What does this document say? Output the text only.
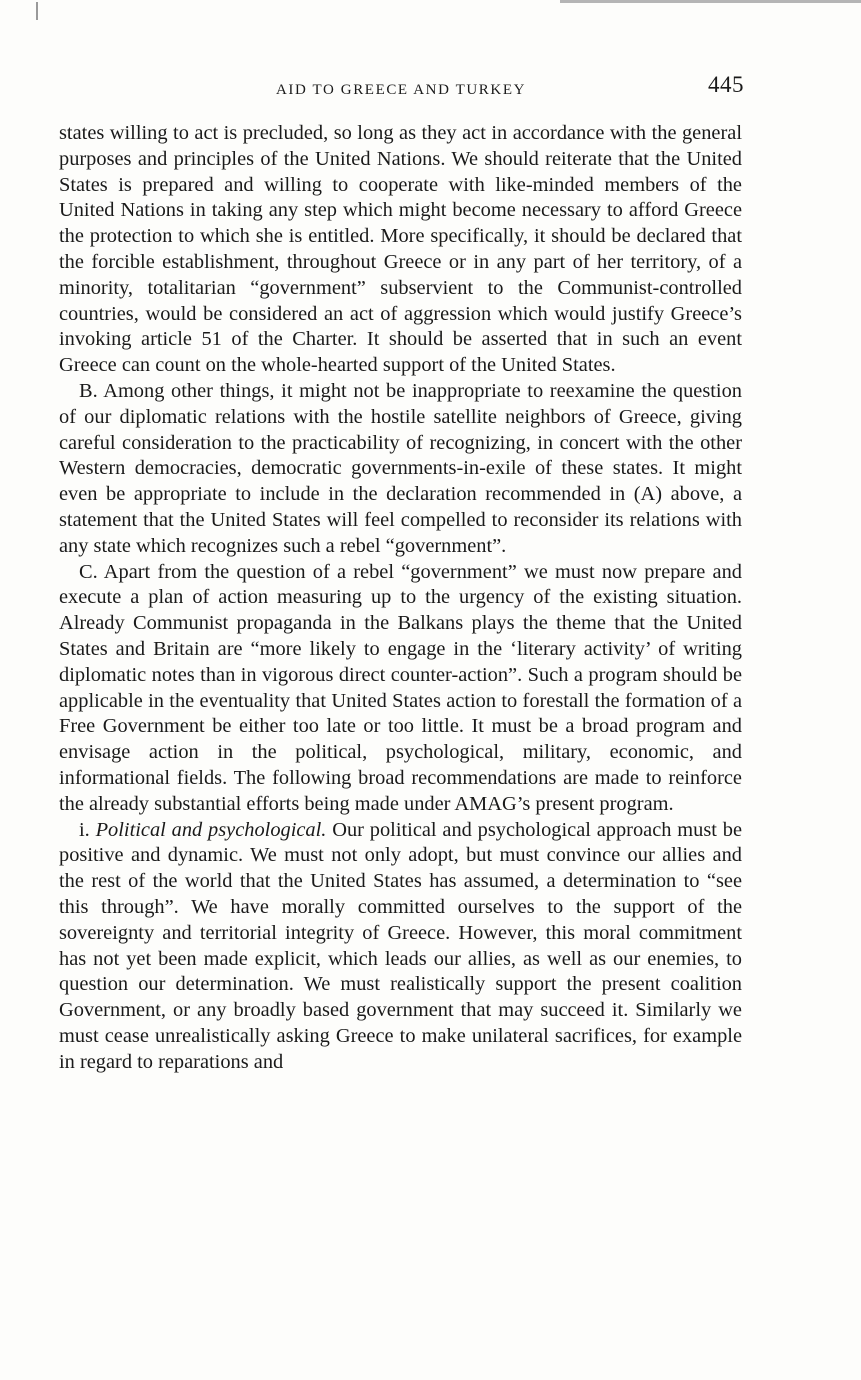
AID TO GREECE AND TURKEY	445

states willing to act is precluded, so long as they act in accordance with the general purposes and principles of the United Nations. We should reiterate that the United States is prepared and willing to cooperate with like-minded members of the United Nations in taking any step which might become necessary to afford Greece the protection to which she is entitled. More specifically, it should be declared that the forcible establishment, throughout Greece or in any part of her territory, of a minority, totalitarian “government” subservient to the Communist-controlled countries, would be considered an act of aggression which would justify Greece’s invoking article 51 of the Charter. It should be asserted that in such an event Greece can count on the whole-hearted support of the United States.

B. Among other things, it might not be inappropriate to reexamine the question of our diplomatic relations with the hostile satellite neighbors of Greece, giving careful consideration to the practicability of recognizing, in concert with the other Western democracies, democratic governments-in-exile of these states. It might even be appropriate to include in the declaration recommended in (A) above, a statement that the United States will feel compelled to reconsider its relations with any state which recognizes such a rebel “government”.

C. Apart from the question of a rebel “government” we must now prepare and execute a plan of action measuring up to the urgency of the existing situation. Already Communist propaganda in the Balkans plays the theme that the United States and Britain are “more likely to engage in the ‘literary activity’ of writing diplomatic notes than in vigorous direct counter-action”. Such a program should be applicable in the eventuality that United States action to forestall the formation of a Free Government be either too late or too little. It must be a broad program and envisage action in the political, psychological, military, economic, and informational fields. The following broad recommendations are made to reinforce the already substantial efforts being made under AMAG’s present program.

i. Political and psychological. Our political and psychological approach must be positive and dynamic. We must not only adopt, but must convince our allies and the rest of the world that the United States has assumed, a determination to “see this through”. We have morally committed ourselves to the support of the sovereignty and territorial integrity of Greece. However, this moral commitment has not yet been made explicit, which leads our allies, as well as our enemies, to question our determination. We must realistically support the present coalition Government, or any broadly based government that may succeed it. Similarly we must cease unrealistically asking Greece to make unilateral sacrifices, for example in regard to reparations and
